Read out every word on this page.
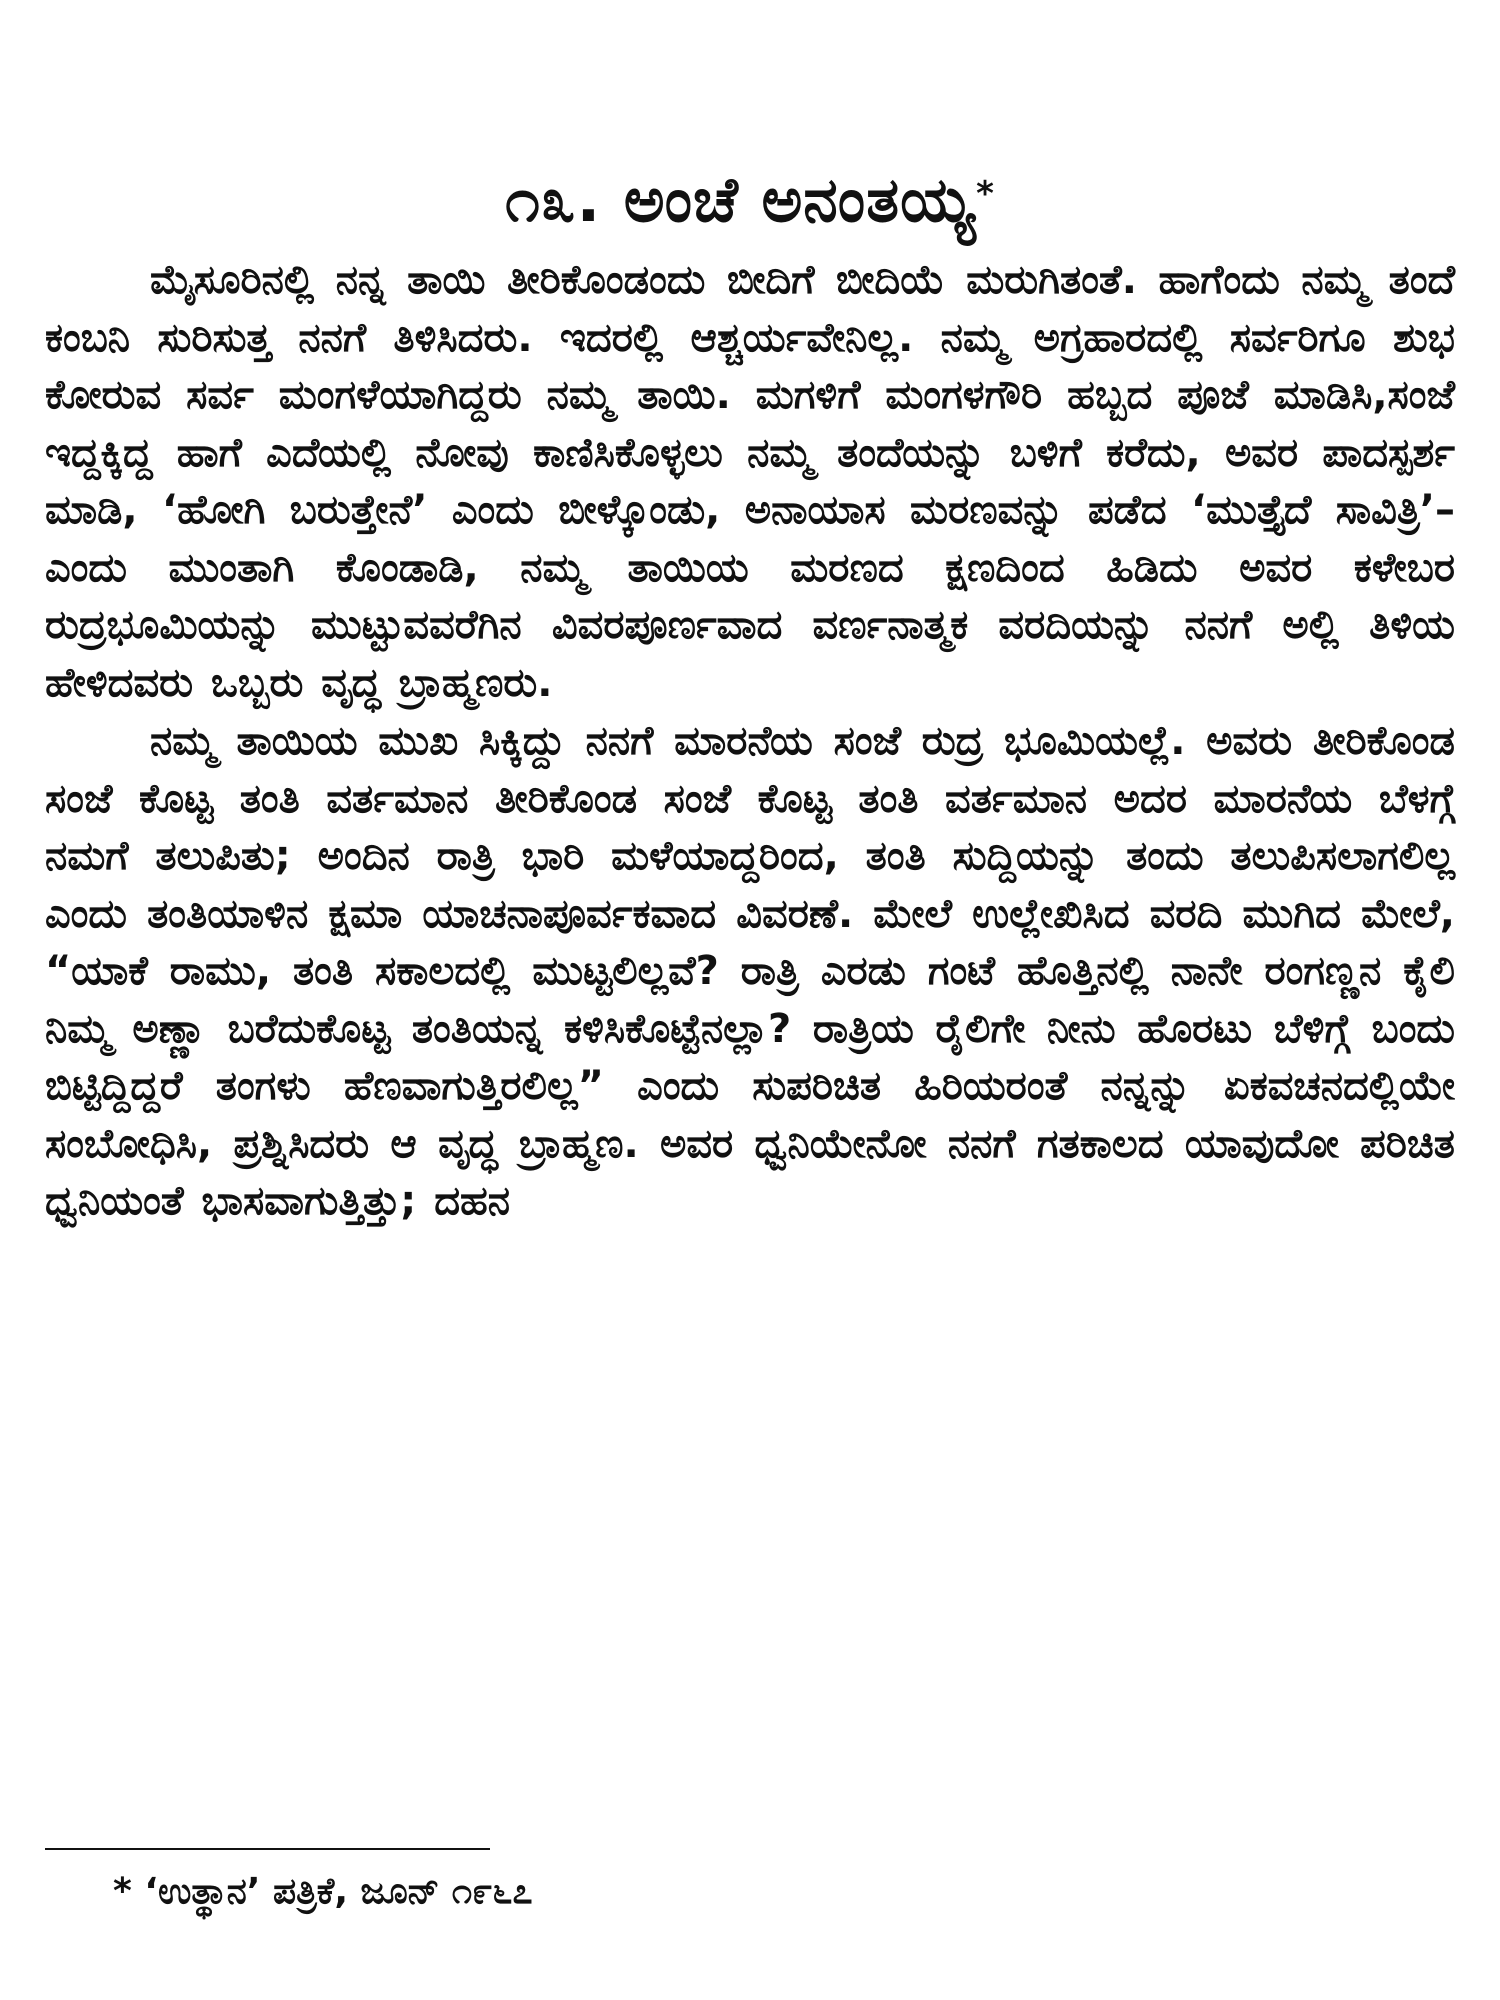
೧೩. ಅಂಚೆ ಅನಂತಯ್ಯ*

ಮೈಸೂರಿನಲ್ಲಿ ನನ್ನ ತಾಯಿ ತೀರಿಕೊಂಡಂದು ಬೀದಿಗೆ ಬೀದಿಯೆ ಮರುಗಿತಂತೆ. ಹಾಗೆಂದು ನಮ್ಮ ತಂದೆ ಕಂಬನಿ ಸುರಿಸುತ್ತ ನನಗೆ ತಿಳಿಸಿದರು. ಇದರಲ್ಲಿ ಆಶ್ಚರ್ಯವೇನಿಲ್ಲ. ನಮ್ಮ ಅಗ್ರಹಾರದಲ್ಲಿ ಸರ್ವರಿಗೂ ಶುಭ ಕೋರುವ ಸರ್ವ ಮಂಗಳೆಯಾಗಿದ್ದರು ನಮ್ಮ ತಾಯಿ. ಮಗಳಿಗೆ ಮಂಗಳಗೌರಿ ಹಬ್ಬದ ಪೂಜೆ ಮಾಡಿಸಿ,ಸಂಜೆ ಇದ್ದಕ್ಕಿದ್ದ ಹಾಗೆ ಎದೆಯಲ್ಲಿ ನೋವು ಕಾಣಿಸಿಕೊಳ್ಳಲು ನಮ್ಮ ತಂದೆಯನ್ನು ಬಳಿಗೆ ಕರೆದು, ಅವರ ಪಾದಸ್ಪರ್ಶ ಮಾಡಿ, ‘ಹೋಗಿ ಬರುತ್ತೇನೆ’ ಎಂದು ಬೀಳ್ಕೊಂಡು, ಅನಾಯಾಸ ಮರಣವನ್ನು ಪಡೆದ ‘ಮುತ್ತೈದೆ ಸಾವಿತ್ರಿ’– ಎಂದು ಮುಂತಾಗಿ ಕೊಂಡಾಡಿ, ನಮ್ಮ ತಾಯಿಯ ಮರಣದ ಕ್ಷಣದಿಂದ ಹಿಡಿದು ಅವರ ಕಳೇಬರ ರುದ್ರಭೂಮಿಯನ್ನು ಮುಟ್ಟುವವರೆಗಿನ ವಿವರಪೂರ್ಣವಾದ ವರ್ಣನಾತ್ಮಕ ವರದಿಯನ್ನು ನನಗೆ ಅಲ್ಲಿ ತಿಳಿಯ ಹೇಳಿದವರು ಒಬ್ಬರು ವೃದ್ಧ ಬ್ರಾಹ್ಮಣರು.

ನಮ್ಮ ತಾಯಿಯ ಮುಖ ಸಿಕ್ಕಿದ್ದು ನನಗೆ ಮಾರನೆಯ ಸಂಜೆ ರುದ್ರ ಭೂಮಿಯಲ್ಲೆ. ಅವರು ತೀರಿಕೊಂಡ ಸಂಜೆ ಕೊಟ್ಟ ತಂತಿ ವರ್ತಮಾನ ತೀರಿಕೊಂಡ ಸಂಜೆ ಕೊಟ್ಟ ತಂತಿ ವರ್ತಮಾನ ಅದರ ಮಾರನೆಯ ಬೆಳಗ್ಗೆ ನಮಗೆ ತಲುಪಿತು; ಅಂದಿನ ರಾತ್ರಿ ಭಾರಿ ಮಳೆಯಾದ್ದರಿಂದ, ತಂತಿ ಸುದ್ದಿಯನ್ನು ತಂದು ತಲುಪಿಸಲಾಗಲಿಲ್ಲ ಎಂದು ತಂತಿಯಾಳಿನ ಕ್ಷಮಾ ಯಾಚನಾಪೂರ್ವಕವಾದ ವಿವರಣೆ. ಮೇಲೆ ಉಲ್ಲೇಖಿಸಿದ ವರದಿ ಮುಗಿದ ಮೇಲೆ, “ಯಾಕೆ ರಾಮು, ತಂತಿ ಸಕಾಲದಲ್ಲಿ ಮುಟ್ಟಲಿಲ್ಲವೆ? ರಾತ್ರಿ ಎರಡು ಗಂಟೆ ಹೊತ್ತಿನಲ್ಲಿ ನಾನೇ ರಂಗಣ್ಣನ ಕೈಲಿ ನಿಮ್ಮ ಅಣ್ಣಾ ಬರೆದುಕೊಟ್ಟ ತಂತಿಯನ್ನ ಕಳಿಸಿಕೊಟ್ಟೆನಲ್ಲಾ? ರಾತ್ರಿಯ ರೈಲಿಗೇ ನೀನು ಹೊರಟು ಬೆಳಿಗ್ಗೆ ಬಂದು ಬಿಟ್ಟಿದ್ದಿದ್ದರೆ ತಂಗಳು ಹೆಣವಾಗುತ್ತಿರಲಿಲ್ಲ” ಎಂದು ಸುಪರಿಚಿತ ಹಿರಿಯರಂತೆ ನನ್ನನ್ನು ಏಕವಚನದಲ್ಲಿಯೇ ಸಂಬೋಧಿಸಿ, ಪ್ರಶ್ನಿಸಿದರು ಆ ವೃದ್ಧ ಬ್ರಾಹ್ಮಣ. ಅವರ ಧ್ವನಿಯೇನೋ ನನಗೆ ಗತಕಾಲದ ಯಾವುದೋ ಪರಿಚಿತ ಧ್ವನಿಯಂತೆ ಭಾಸವಾಗುತ್ತಿತ್ತು; ದಹನ

* ‘ಉತ್ಥಾನ’ ಪತ್ರಿಕೆ, ಜೂನ್ ೧೯೬೭
